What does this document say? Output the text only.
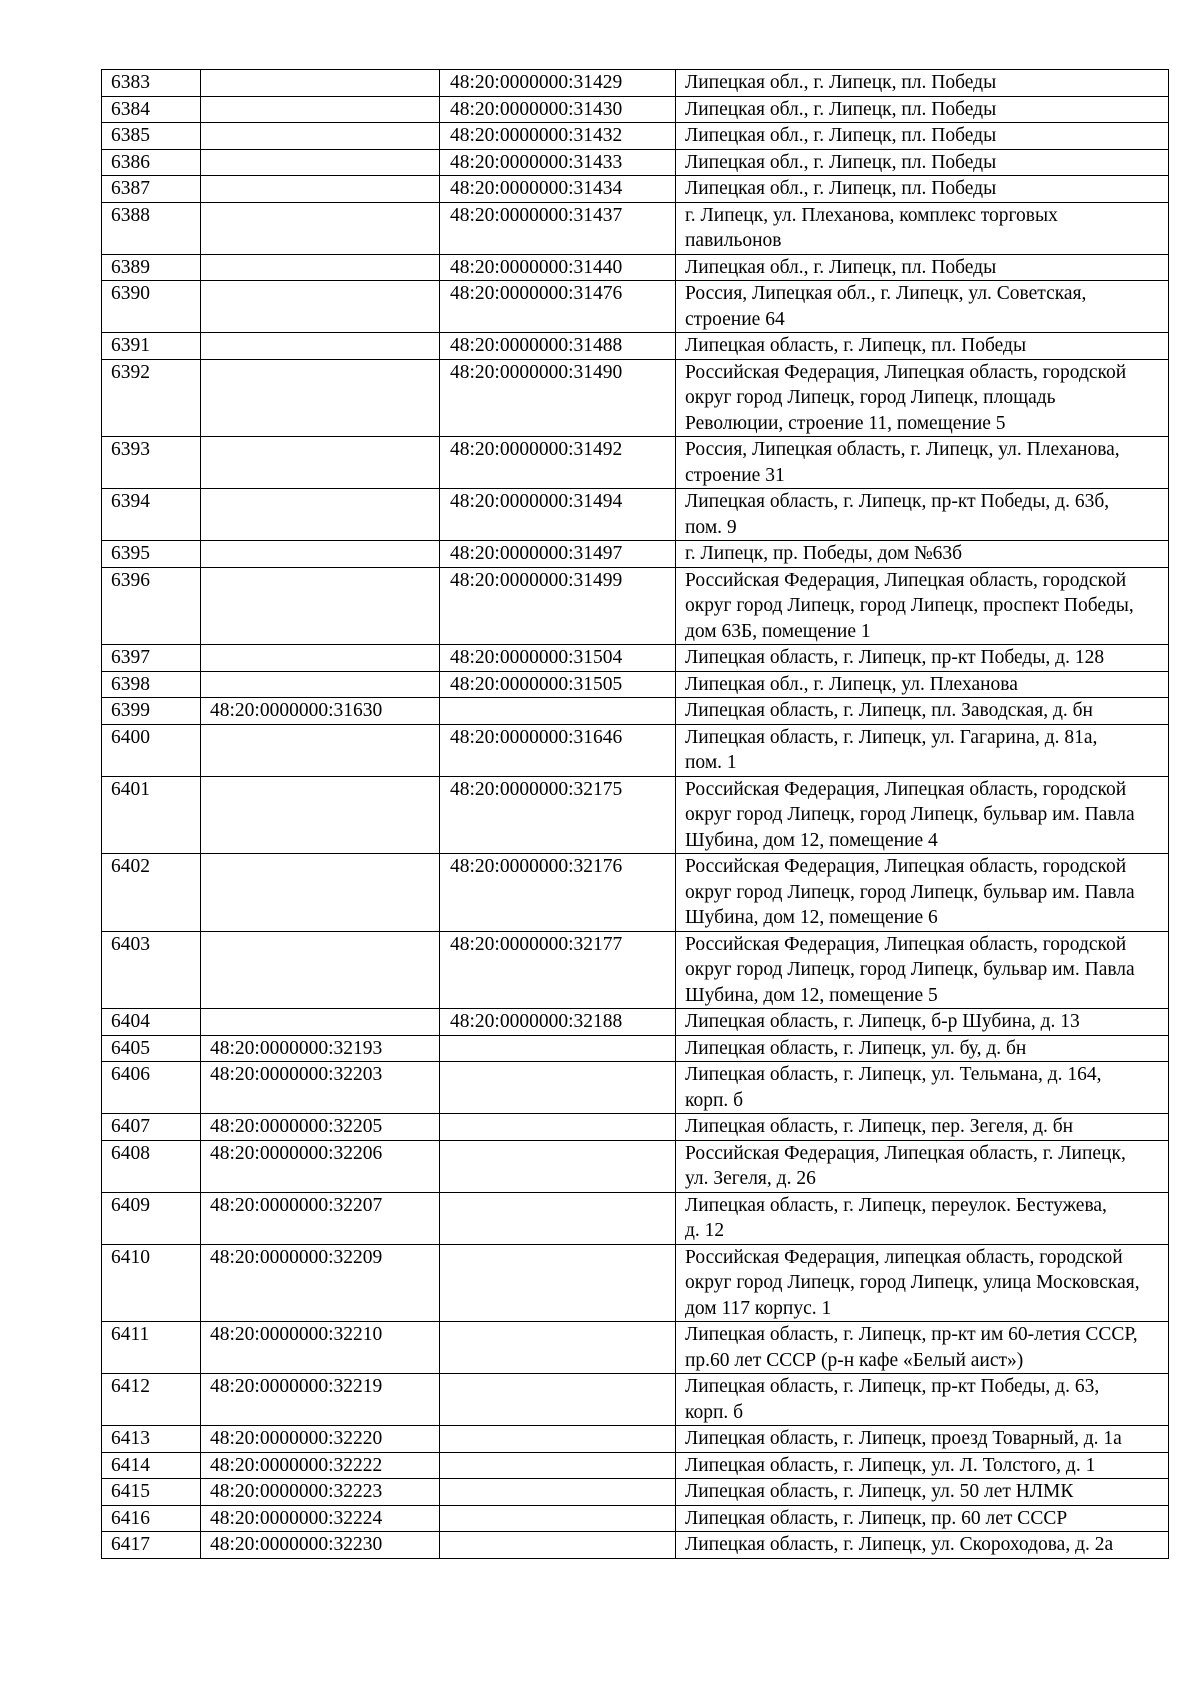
6383		48:20:0000000:31429	Липецкая обл., г. Липецк, пл. Победы
6384		48:20:0000000:31430	Липецкая обл., г. Липецк, пл. Победы
6385		48:20:0000000:31432	Липецкая обл., г. Липецк, пл. Победы
6386		48:20:0000000:31433	Липецкая обл., г. Липецк, пл. Победы
6387		48:20:0000000:31434	Липецкая обл., г. Липецк, пл. Победы
6388		48:20:0000000:31437	г. Липецк, ул. Плеханова, комплекс торговых
павильонов
6389		48:20:0000000:31440	Липецкая обл., г. Липецк, пл. Победы
6390		48:20:0000000:31476	Россия, Липецкая обл., г. Липецк, ул. Советская,
строение 64
6391		48:20:0000000:31488	Липецкая область, г. Липецк, пл. Победы
6392		48:20:0000000:31490	Российская Федерация, Липецкая область, городской
округ город Липецк, город Липецк, площадь
Революции, строение 11, помещение 5
6393		48:20:0000000:31492	Россия, Липецкая область, г. Липецк, ул. Плеханова,
строение 31
6394		48:20:0000000:31494	Липецкая область, г. Липецк, пр-кт Победы, д. 63б,
пом. 9
6395		48:20:0000000:31497	г. Липецк, пр. Победы, дом №63б
6396		48:20:0000000:31499	Российская Федерация, Липецкая область, городской
округ город Липецк, город Липецк, проспект Победы,
дом 63Б, помещение 1
6397		48:20:0000000:31504	Липецкая область, г. Липецк, пр-кт Победы, д. 128
6398		48:20:0000000:31505	Липецкая обл., г. Липецк, ул. Плеханова
6399	48:20:0000000:31630		Липецкая область, г. Липецк, пл. Заводская, д. бн
6400		48:20:0000000:31646	Липецкая область, г. Липецк, ул. Гагарина, д. 81а,
пом. 1
6401		48:20:0000000:32175	Российская Федерация, Липецкая область, городской
округ город Липецк, город Липецк, бульвар им. Павла
Шубина, дом 12, помещение 4
6402		48:20:0000000:32176	Российская Федерация, Липецкая область, городской
округ город Липецк, город Липецк, бульвар им. Павла
Шубина, дом 12, помещение 6
6403		48:20:0000000:32177	Российская Федерация, Липецкая область, городской
округ город Липецк, город Липецк, бульвар им. Павла
Шубина, дом 12, помещение 5
6404		48:20:0000000:32188	Липецкая область, г. Липецк, б-р Шубина, д. 13
6405	48:20:0000000:32193		Липецкая область, г. Липецк, ул. бу, д. бн
6406	48:20:0000000:32203		Липецкая область, г. Липецк, ул. Тельмана, д. 164,
корп. б
6407	48:20:0000000:32205		Липецкая область, г. Липецк, пер. Зегеля, д. бн
6408	48:20:0000000:32206		Российская Федерация, Липецкая область, г. Липецк,
ул. Зегеля, д. 26
6409	48:20:0000000:32207		Липецкая область, г. Липецк, переулок. Бестужева,
д. 12
6410	48:20:0000000:32209		Российская Федерация, липецкая область, городской
округ город Липецк, город Липецк, улица Московская,
дом 117 корпус. 1
6411	48:20:0000000:32210		Липецкая область, г. Липецк, пр-кт им 60-летия СССР,
пр.60 лет СССР (р-н кафе «Белый аист»)
6412	48:20:0000000:32219		Липецкая область, г. Липецк, пр-кт Победы, д. 63,
корп. б
6413	48:20:0000000:32220		Липецкая область, г. Липецк, проезд Товарный, д. 1а
6414	48:20:0000000:32222		Липецкая область, г. Липецк, ул. Л. Толстого, д. 1
6415	48:20:0000000:32223		Липецкая область, г. Липецк, ул. 50 лет НЛМК
6416	48:20:0000000:32224		Липецкая область, г. Липецк, пр. 60 лет СССР
6417	48:20:0000000:32230		Липецкая область, г. Липецк, ул. Скороходова, д. 2а
